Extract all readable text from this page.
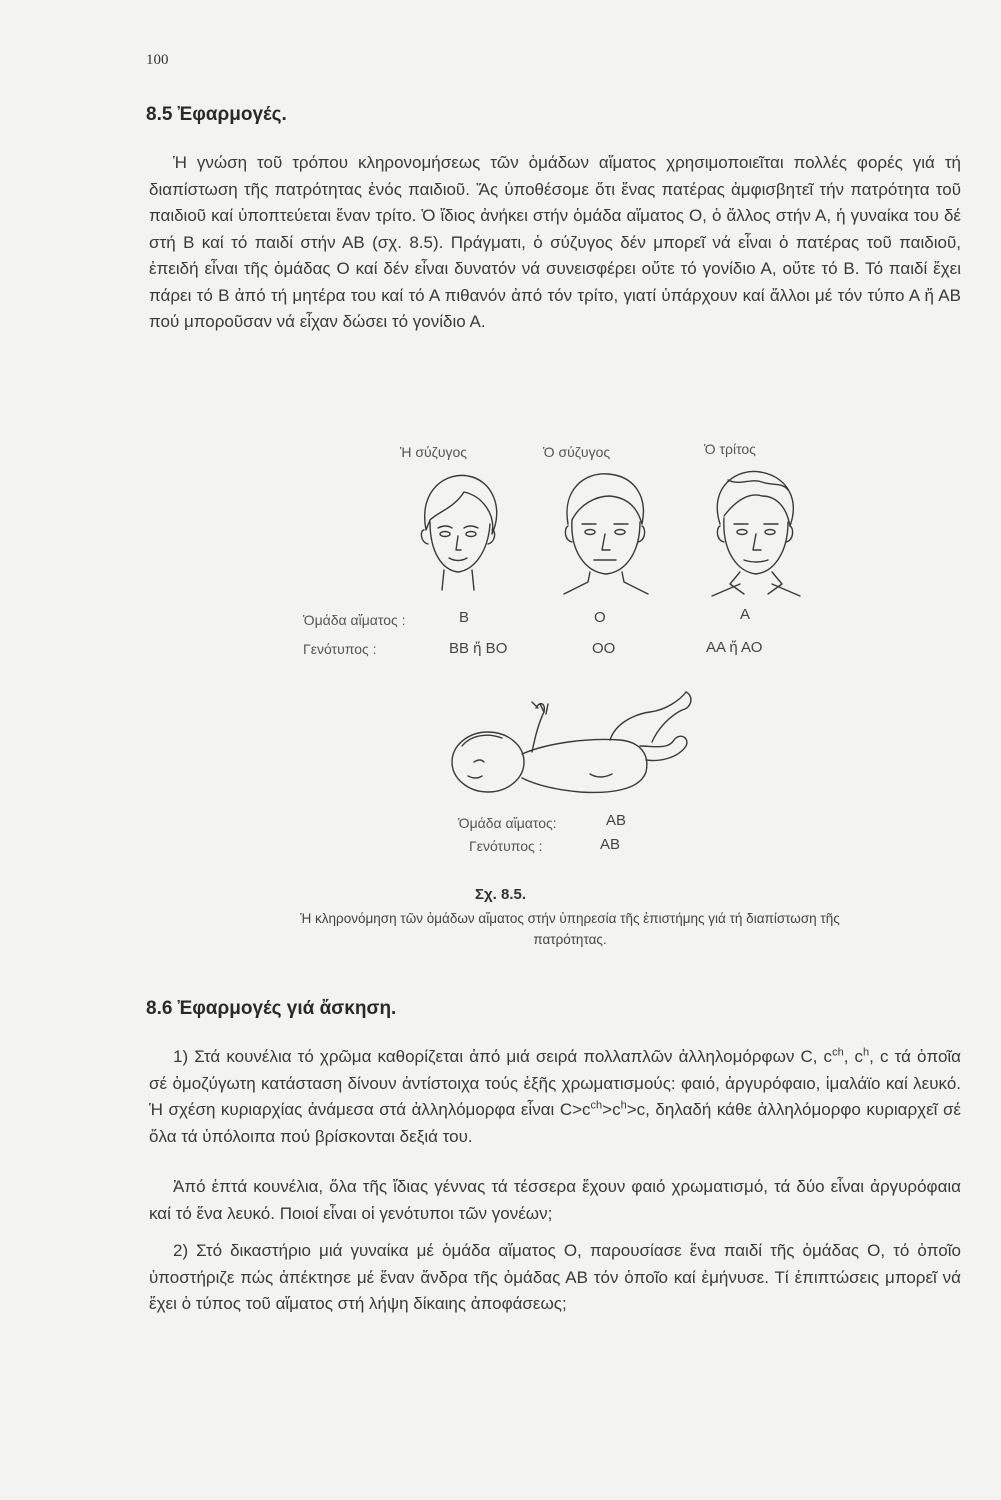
100
8.5 Ἐφαρμογές.

Ἡ γνώση τοῦ τρόπου κληρονομήσεως τῶν ὁμάδων αἵματος χρησιμοποιεῖται πολλές φορές γιά τή διαπίστωση τῆς πατρότητας ἐνός παιδιοῦ. Ἄς ὑποθέσομε ὅτι ἕνας πατέρας ἀμφισβητεῖ τήν πατρότητα τοῦ παιδιοῦ καί ὑποπτεύεται ἕναν τρίτο. Ὁ ἴδιος ἀνήκει στήν ὁμάδα αἵματος Ο, ὁ ἄλλος στήν Α, ἡ γυναίκα του δέ στή Β καί τό παιδί στήν ΑΒ (σχ. 8.5). Πράγματι, ὁ σύζυγος δέν μπορεῖ νά εἶναι ὁ πατέρας τοῦ παιδιοῦ, ἐπειδή εἶναι τῆς ὁμάδας Ο καί δέν εἶναι δυνατόν νά συνεισφέρει οὔτε τό γονίδιο Α, οὔτε τό Β. Τό παιδί ἔχει πάρει τό Β ἀπό τή μητέρα του καί τό Α πιθανόν ἀπό τόν τρίτο, γιατί ὑπάρχουν καί ἄλλοι μέ τόν τύπο Α ἤ ΑΒ πού μποροῦσαν νά εἶχαν δώσει τό γονίδιο Α.

Ἡ σύζυγος	Ὁ σύζυγος	Ὁ τρίτος
Ὁμάδα αἵματος :	Β	Ο	Α
Γενότυπος :	ΒΒ ἤ ΒΟ	ΟΟ	ΑΑ ἤ ΑΟ
Ὁμάδα αἵματος:	ΑΒ
Γενότυπος :	ΑΒ
Σχ. 8.5.
Ἡ κληρονόμηση τῶν ὁμάδων αἵματος στήν ὑπηρεσία τῆς ἐπιστήμης γιά τή διαπίστωση τῆς πατρότητας.
8.6 Ἐφαρμογές γιά ἄσκηση.

1) Στά κουνέλια τό χρῶμα καθορίζεται ἀπό μιά σειρά πολλαπλῶν ἀλληλομόρφων C, $c^{ch}$, $c^h$, c τά ὁποῖα σέ ὁμοζύγωτη κατάσταση δίνουν ἀντίστοιχα τούς ἑξῆς χρωματισμούς: φαιό, ἀργυρόφαιο, ἱμαλάϊο καί λευκό. Ἡ σχέση κυριαρχίας ἀνάμεσα στά ἀλληλόμορφα εἶναι $C>c^{ch}>c^h>c$, δηλαδή κάθε ἀλληλόμορφο κυριαρχεῖ σέ ὅλα τά ὑπόλοιπα πού βρίσκονται δεξιά του.

Ἀπό ἑπτά κουνέλια, ὅλα τῆς ἴδιας γέννας τά τέσσερα ἔχουν φαιό χρωματισμό, τά δύο εἶναι ἀργυρόφαια καί τό ἕνα λευκό. Ποιοί εἶναι οἱ γενότυποι τῶν γονέων;

2) Στό δικαστήριο μιά γυναίκα μέ ὁμάδα αἵματος Ο, παρουσίασε ἕνα παιδί τῆς ὁμάδας Ο, τό ὁποῖο ὑποστήριζε πώς ἀπέκτησε μέ ἕναν ἄνδρα τῆς ὁμάδας ΑΒ τόν ὁποῖο καί ἐμήνυσε. Τί ἐπιπτώσεις μπορεῖ νά ἔχει ὁ τύπος τοῦ αἵματος στή λήψη δίκαιης ἀποφάσεως;
